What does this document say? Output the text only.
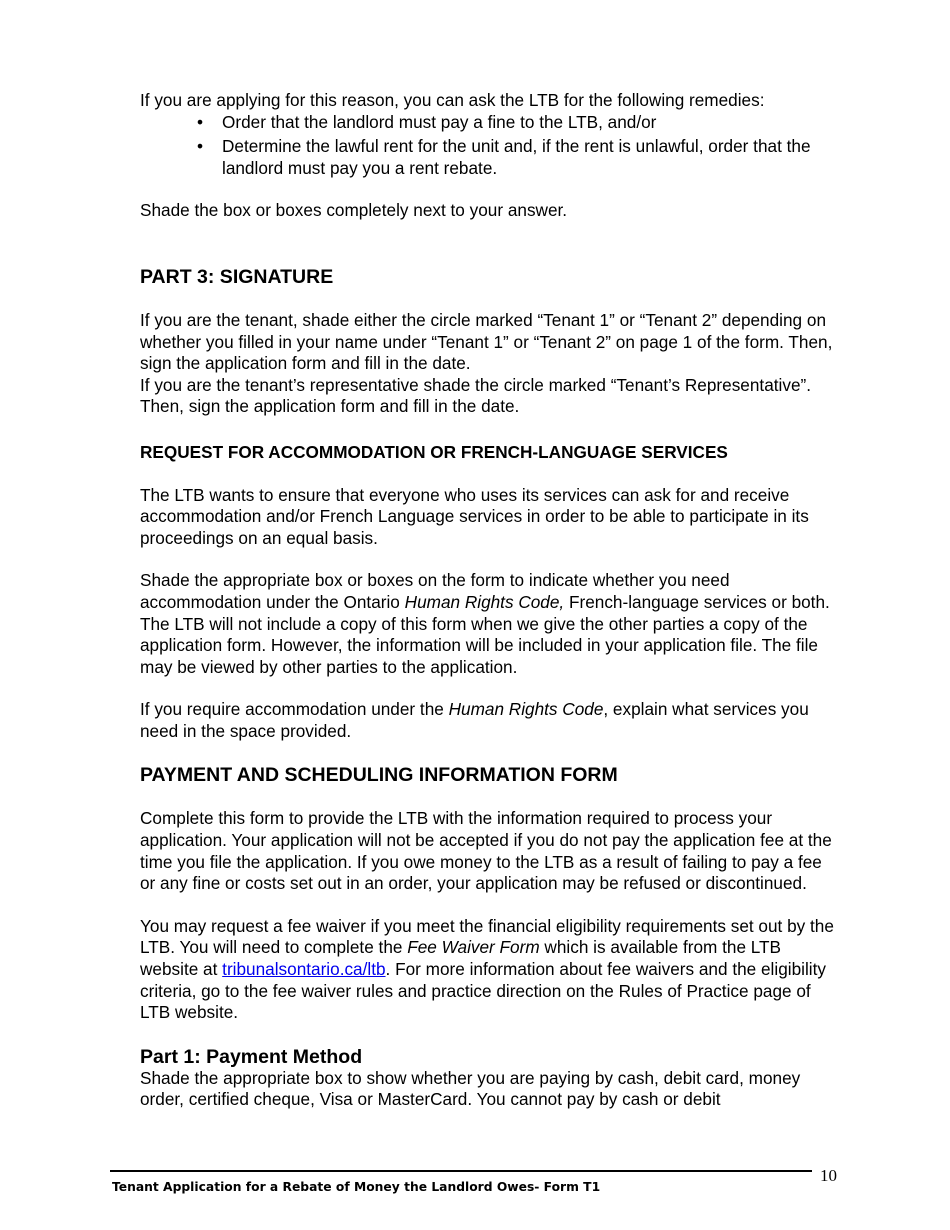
If you are applying for this reason, you can ask the LTB for the following remedies:

• Order that the landlord must pay a fine to the LTB, and/or
• Determine the lawful rent for the unit and, if the rent is unlawful, order that the landlord must pay you a rent rebate.

Shade the box or boxes completely next to your answer.

PART 3: SIGNATURE

If you are the tenant, shade either the circle marked “Tenant 1” or “Tenant 2” depending on whether you filled in your name under “Tenant 1” or “Tenant 2” on page 1 of the form. Then, sign the application form and fill in the date.

If you are the tenant’s representative shade the circle marked “Tenant’s Representative”. Then, sign the application form and fill in the date.

REQUEST FOR ACCOMMODATION OR FRENCH-LANGUAGE SERVICES

The LTB wants to ensure that everyone who uses its services can ask for and receive accommodation and/or French Language services in order to be able to participate in its proceedings on an equal basis.

Shade the appropriate box or boxes on the form to indicate whether you need accommodation under the Ontario Human Rights Code, French-language services or both. The LTB will not include a copy of this form when we give the other parties a copy of the application form. However, the information will be included in your application file. The file may be viewed by other parties to the application.

If you require accommodation under the Human Rights Code, explain what services you need in the space provided.

PAYMENT AND SCHEDULING INFORMATION FORM

Complete this form to provide the LTB with the information required to process your application. Your application will not be accepted if you do not pay the application fee at the time you file the application. If you owe money to the LTB as a result of failing to pay a fee or any fine or costs set out in an order, your application may be refused or discontinued.

You may request a fee waiver if you meet the financial eligibility requirements set out by the LTB. You will need to complete the Fee Waiver Form which is available from the LTB website at tribunalsontario.ca/ltb. For more information about fee waivers and the eligibility criteria, go to the fee waiver rules and practice direction on the Rules of Practice page of LTB website.

Part 1: Payment Method

Shade the appropriate box to show whether you are paying by cash, debit card, money order, certified cheque, Visa or MasterCard. You cannot pay by cash or debit

Tenant Application for a Rebate of Money the Landlord Owes- Form T1
10
